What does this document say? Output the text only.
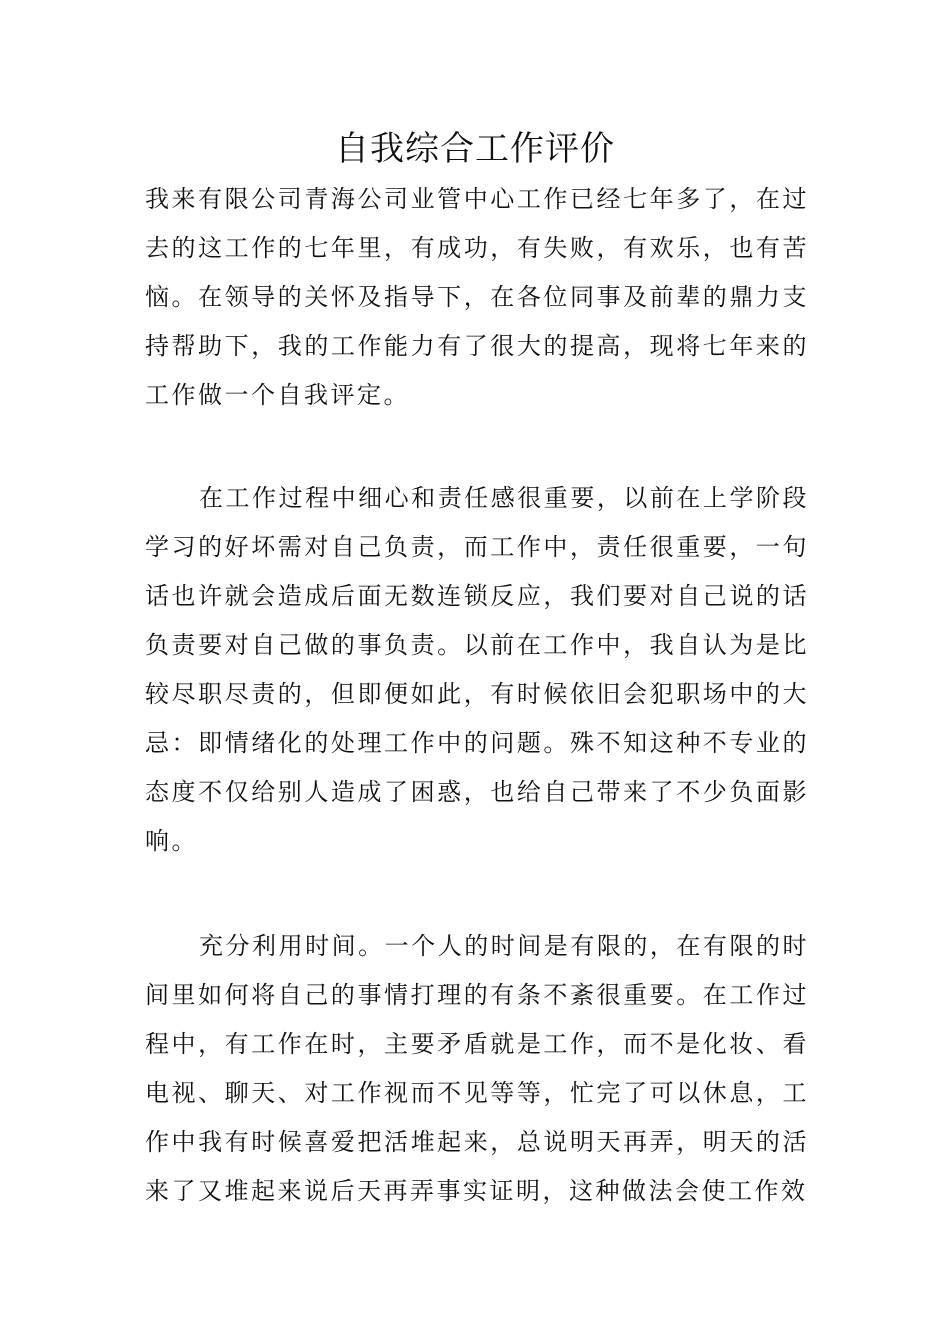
自我综合工作评价

我来有限公司青海公司业管中心工作已经七年多了，在过去的这工作的七年里，有成功，有失败，有欢乐，也有苦恼。在领导的关怀及指导下，在各位同事及前辈的鼎力支持帮助下，我的工作能力有了很大的提高，现将七年来的工作做一个自我评定。

在工作过程中细心和责任感很重要，以前在上学阶段学习的好坏需对自己负责，而工作中，责任很重要，一句话也许就会造成后面无数连锁反应，我们要对自己说的话负责要对自己做的事负责。以前在工作中，我自认为是比较尽职尽责的，但即便如此，有时候依旧会犯职场中的大忌：即情绪化的处理工作中的问题。殊不知这种不专业的态度不仅给别人造成了困惑，也给自己带来了不少负面影响。

充分利用时间。一个人的时间是有限的，在有限的时间里如何将自己的事情打理的有条不紊很重要。在工作过程中，有工作在时，主要矛盾就是工作，而不是化妆、看电视、聊天、对工作视而不见等等，忙完了可以休息，工作中我有时候喜爱把活堆起来，总说明天再弄，明天的活来了又堆起来说后天再弄事实证明，这种做法会使工作效
